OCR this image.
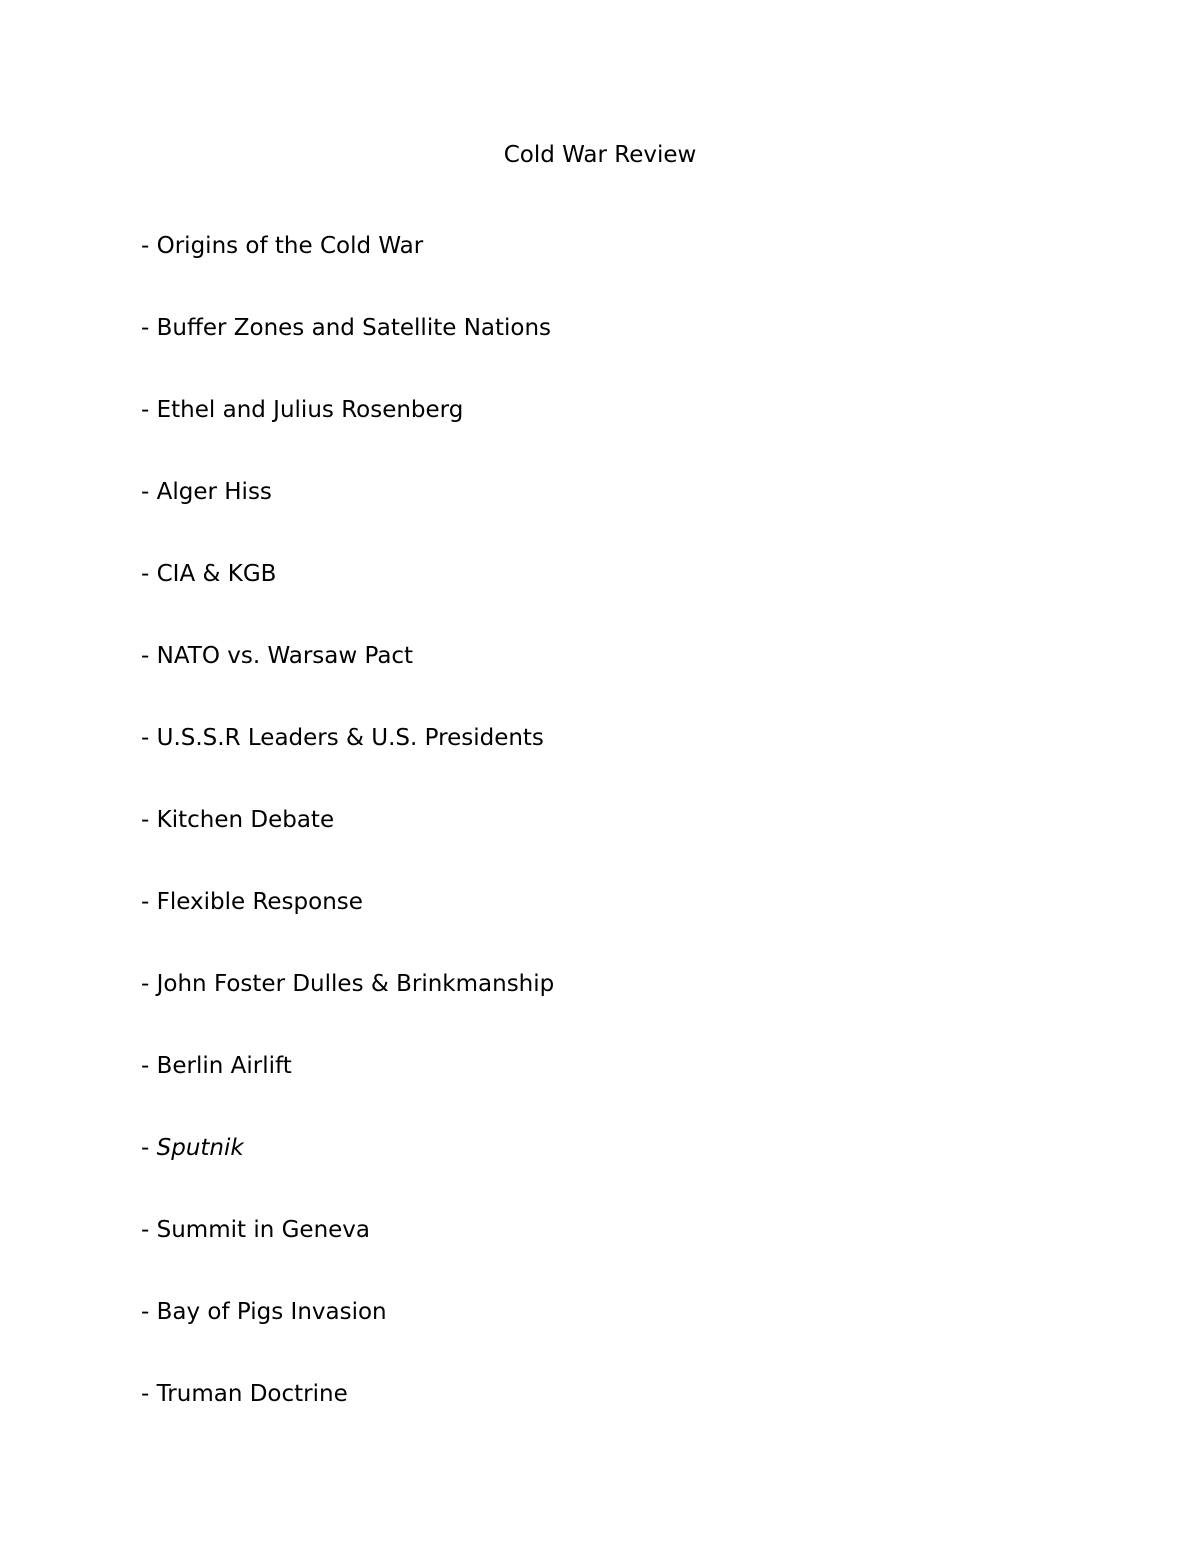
Cold War Review
- Origins of the Cold War
- Buffer Zones and Satellite Nations
- Ethel and Julius Rosenberg
- Alger Hiss
- CIA & KGB
- NATO vs. Warsaw Pact
- U.S.S.R Leaders & U.S. Presidents
- Kitchen Debate
- Flexible Response
- John Foster Dulles & Brinkmanship
- Berlin Airlift
- Sputnik
- Summit in Geneva
- Bay of Pigs Invasion
- Truman Doctrine
